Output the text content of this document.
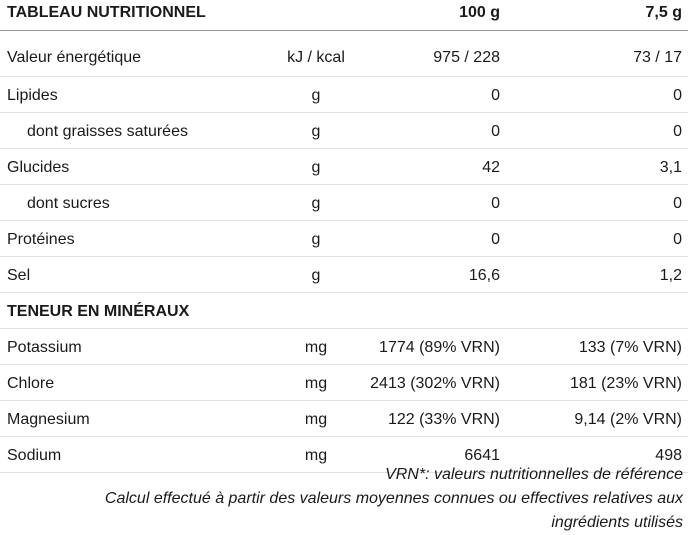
TABLEAU NUTRITIONNEL	100 g	7,5 g
Valeur énergétique	kJ / kcal	975 / 228	73 / 17
Lipides	g	0	0
dont graisses saturées	g	0	0
Glucides	g	42	3,1
dont sucres	g	0	0
Protéines	g	0	0
Sel	g	16,6	1,2
TENEUR EN MINÉRAUX
Potassium	mg	1774 (89% VRN)	133 (7% VRN)
Chlore	mg	2413 (302% VRN)	181 (23% VRN)
Magnesium	mg	122 (33% VRN)	9,14 (2% VRN)
Sodium	mg	6641	498

VRN*: valeurs nutritionnelles de référence

Calcul effectué à partir des valeurs moyennes connues ou effectives relatives aux

ingrédients utilisés
